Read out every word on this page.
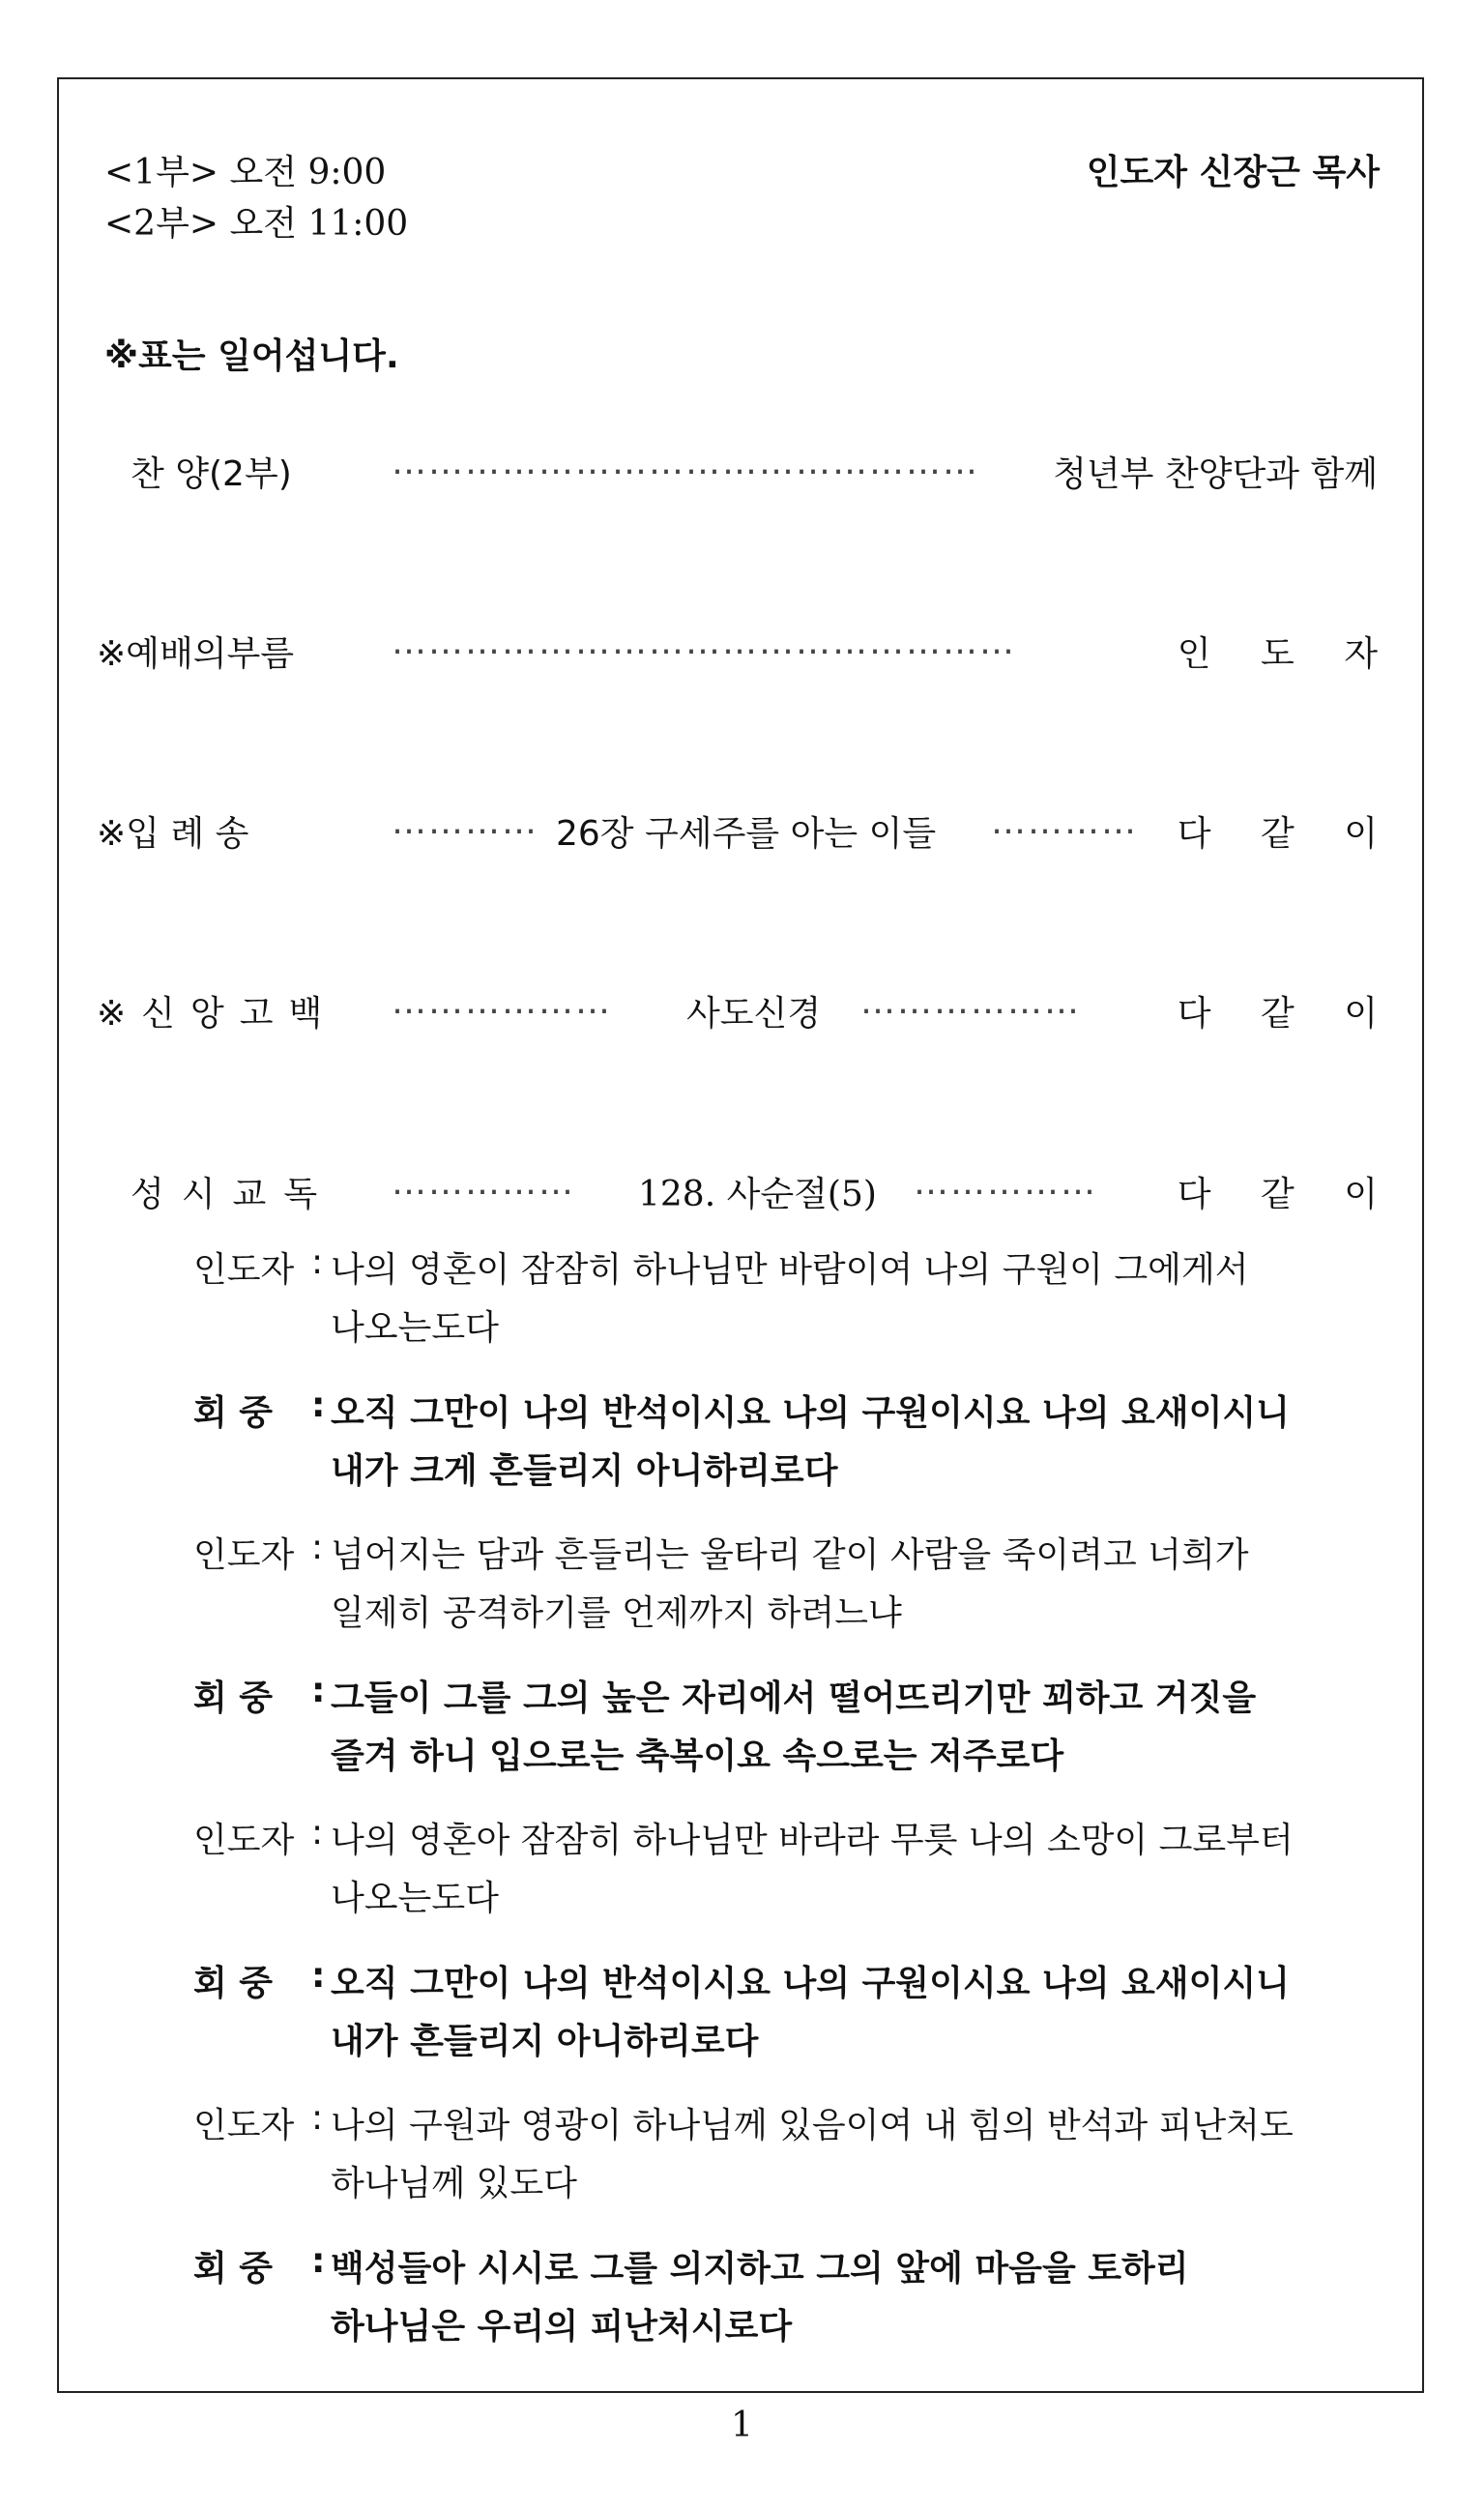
<1부> 오전 9:00
<2부> 오전 11:00
인도자 신장근 목사
※표는 일어섭니다.
찬 양(2부)	………………………………………… 청년부 찬양단과 함께
※예배의부름	……………………………………………	인 도 자
※입 례 송	………… 26장 구세주를 아는 이들 ………… 다 같 이
※신앙고백 ……………… 사도신경 ………………	다 같 이
성시교독 …………… 128. 사순절(5) …………… 다 같 이
인도자 : 나의 영혼이 잠잠히 하나님만 바람이여 나의 구원이 그에게서
나오는도다
회 중 : 오직 그만이 나의 반석이시요 나의 구원이시요 나의 요새이시니
내가 크게 흔들리지 아니하리로다
인도자 : 넘어지는 담과 흔들리는 울타리 같이 사람을 죽이려고 너희가
일제히 공격하기를 언제까지 하려느냐
회 중 : 그들이 그를 그의 높은 자리에서 떨어뜨리기만 꾀하고 거짓을
즐겨 하니 입으로는 축복이요 속으로는 저주로다
인도자 : 나의 영혼아 잠잠히 하나님만 바라라 무릇 나의 소망이 그로부터
나오는도다
회 중 : 오직 그만이 나의 반석이시요 나의 구원이시요 나의 요새이시니
내가 흔들리지 아니하리로다
인도자 : 나의 구원과 영광이 하나님께 있음이여 내 힘의 반석과 피난처도
하나님께 있도다
회 중 : 백성들아 시시로 그를 의지하고 그의 앞에 마음을 토하리
하나님은 우리의 피난처시로다
1
